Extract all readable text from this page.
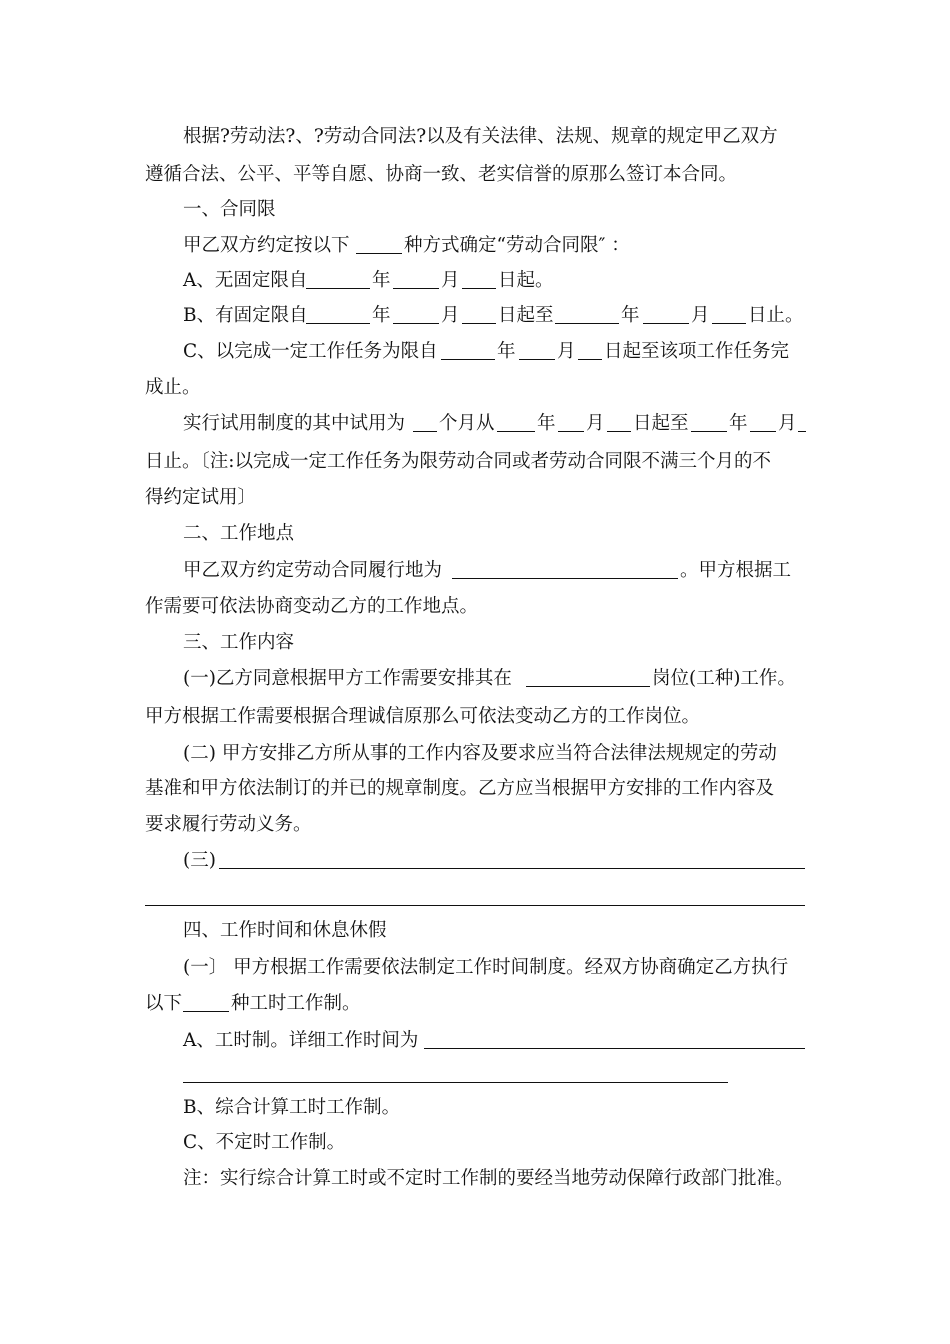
根据?劳动法?、?劳动合同法?以及有关法律、法规、规章的规定甲乙双方
遵循合法、公平、平等自愿、协商一致、老实信誉的原那么签订本合同。
一、合同限
甲乙双方约定按以下	种方式确定“劳动合同限″ ：
A、无固定限自	年	月 日起。
B、有固定限自	年	月 日起至	年	月 日止。
C、以完成一定工作任务为限自	年 月 日起至该项工作任务完
成止。
实行试用制度的其中试用为 个月从 年 月 日起至 年 月
日止。〔注:以完成一定工作任务为限劳动合同或者劳动合同限不满三个月的不
得约定试用〕
二、工作地点
甲乙双方约定劳动合同履行地为	。甲方根据工
作需要可依法协商变动乙方的工作地点。
三、工作内容
(一)乙方同意根据甲方工作需要安排其在	岗位(工种)工作。
甲方根据工作需要根据合理诚信原那么可依法变动乙方的工作岗位。
(二) 甲方安排乙方所从事的工作内容及要求应当符合法律法规规定的劳动
基准和甲方依法制订的并已的规章制度。乙方应当根据甲方安排的工作内容及
要求履行劳动义务。
(三)
四、工作时间和休息休假
(一〕 甲方根据工作需要依法制定工作时间制度。经双方协商确定乙方执行
以下	种工时工作制。
A、工时制。详细工作时间为
B、综合计算工时工作制。
C、不定时工作制。
注：实行综合计算工时或不定时工作制的要经当地劳动保障行政部门批准。
